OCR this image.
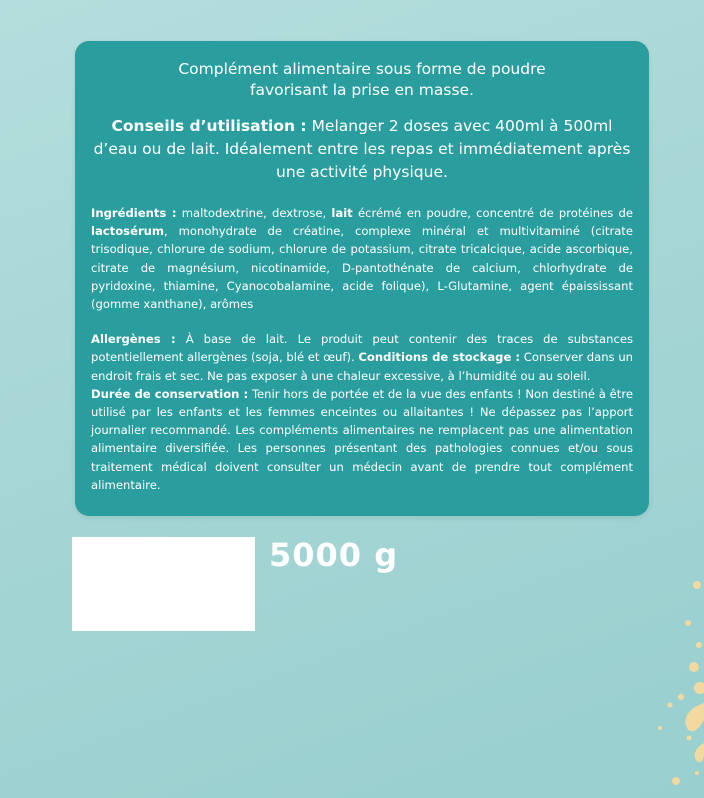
Complément alimentaire sous forme de poudre
favorisant la prise en masse.

Conseils d’utilisation : Melanger 2 doses avec 400ml à 500ml d’eau ou de lait. Idéalement entre les repas et immédiatement après une activité physique.

Ingrédients : maltodextrine, dextrose, lait écrémé en poudre, concentré de protéines de lactosérum, monohydrate de créatine, complexe minéral et multivitaminé (citrate trisodique, chlorure de sodium, chlorure de potassium, citrate tricalcique, acide ascorbique, citrate de magnésium, nicotinamide, D-pantothénate de calcium, chlorhydrate de pyridoxine, thiamine, Cyanocobalamine, acide folique), L-Glutamine, agent épaississant (gomme xanthane), arômes

Allergènes : À base de lait. Le produit peut contenir des traces de substances potentiellement allergènes (soja, blé et œuf). Conditions de stockage : Conserver dans un endroit frais et sec. Ne pas exposer à une chaleur excessive, à l’humidité ou au soleil.
Durée de conservation : Tenir hors de portée et de la vue des enfants ! Non destiné à être utilisé par les enfants et les femmes enceintes ou allaitantes ! Ne dépassez pas l’apport journalier recommandé. Les compléments alimentaires ne remplacent pas une alimentation alimentaire diversifiée. Les personnes présentant des pathologies connues et/ou sous traitement médical doivent consulter un médecin avant de prendre tout complément alimentaire.

5000 g
